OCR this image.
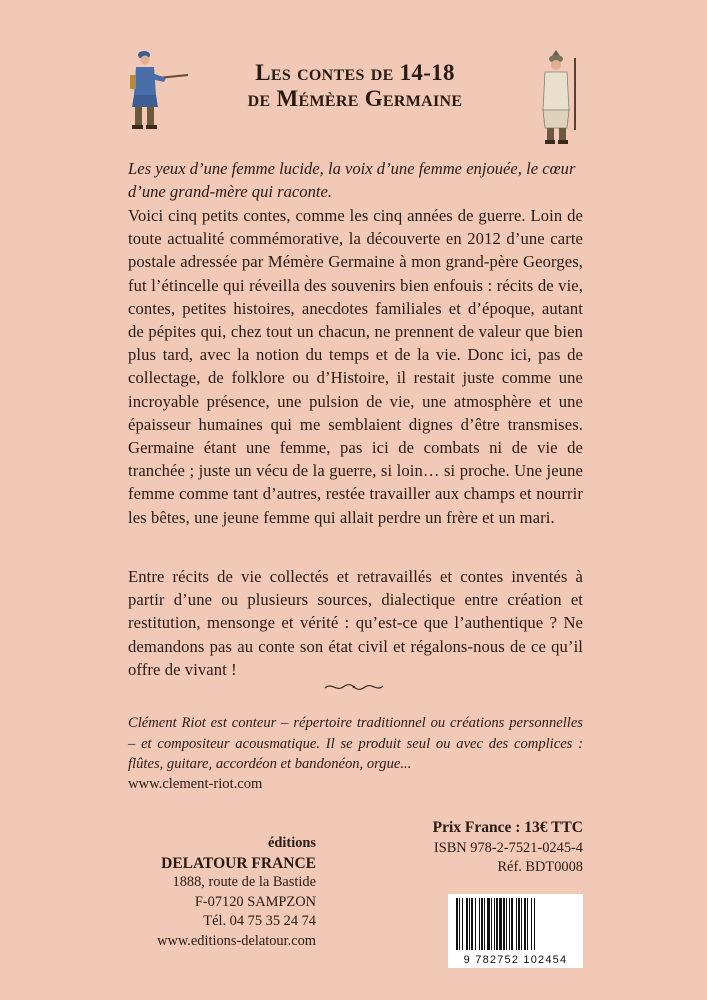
Les contes de 14-18
de Mémère Germaine

Les yeux d’une femme lucide, la voix d’une femme enjouée, le cœur d’une grand-mère qui raconte.

Voici cinq petits contes, comme les cinq années de guerre. Loin de toute actualité commémorative, la découverte en 2012 d’une carte postale adressée par Mémère Germaine à mon grand-père Georges, fut l’étincelle qui réveilla des souvenirs bien enfouis : récits de vie, contes, petites histoires, anecdotes familiales et d’époque, autant de pépites qui, chez tout un chacun, ne prennent de valeur que bien plus tard, avec la notion du temps et de la vie. Donc ici, pas de collectage, de folklore ou d’Histoire, il restait juste comme une incroyable présence, une pulsion de vie, une atmosphère et une épaisseur humaines qui me semblaient dignes d’être transmises. Germaine étant une femme, pas ici de combats ni de vie de tranchée ; juste un vécu de la guerre, si loin… si proche. Une jeune femme comme tant d’autres, restée travailler aux champs et nourrir les bêtes, une jeune femme qui allait perdre un frère et un mari.

Entre récits de vie collectés et retravaillés et contes inventés à partir d’une ou plusieurs sources, dialectique entre création et restitution, mensonge et vérité : qu’est-ce que l’authentique ? Ne demandons pas au conte son état civil et régalons-nous de ce qu’il offre de vivant !

Clément Riot est conteur – répertoire traditionnel ou créations personnelles – et compositeur acousmatique. Il se produit seul ou avec des complices : flûtes, guitare, accordéon et bandonéon, orgue...

www.clement-riot.com
éditions
DELATOUR FRANCE
1888, route de la Bastide
F-07120 SAMPZON
Tél. 04 75 35 24 74
www.editions-delatour.com
Prix France : 13€ TTC
ISBN 978-2-7521-0245-4
Réf. BDT0008
9 782752 102454
